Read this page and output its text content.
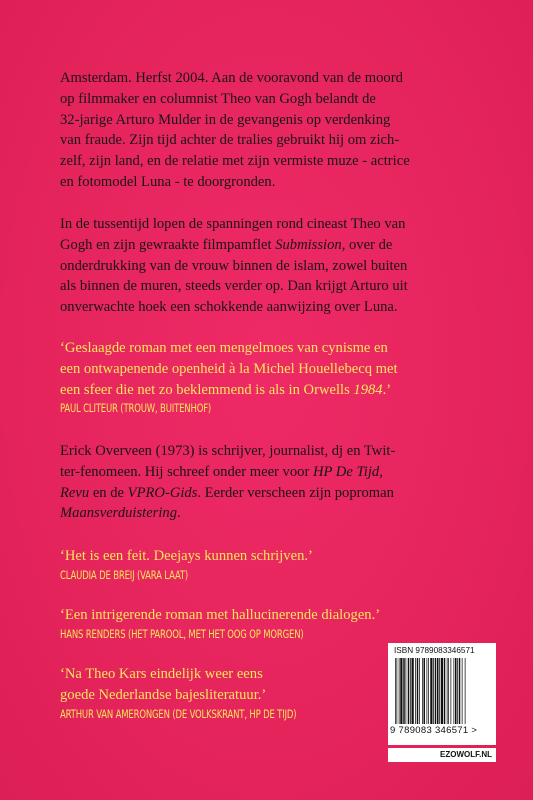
Amsterdam. Herfst 2004. Aan de vooravond van de moord
op filmmaker en columnist Theo van Gogh belandt de
32-jarige Arturo Mulder in de gevangenis op verdenking
van fraude. Zijn tijd achter de tralies gebruikt hij om zich-
zelf, zijn land, en de relatie met zijn vermiste muze - actrice
en fotomodel Luna - te doorgronden.

In de tussentijd lopen de spanningen rond cineast Theo van
Gogh en zijn gewraakte filmpamflet Submission, over de
onderdrukking van de vrouw binnen de islam, zowel buiten
als binnen de muren, steeds verder op. Dan krijgt Arturo uit
onverwachte hoek een schokkende aanwijzing over Luna.

‘Geslaagde roman met een mengelmoes van cynisme en
een ontwapenende openheid à la Michel Houellebecq met
een sfeer die net zo beklemmend is als in Orwells 1984.’
PAUL CLITEUR (TROUW, BUITENHOF)

Erick Overveen (1973) is schrijver, journalist, dj en Twit-
ter-fenomeen. Hij schreef onder meer voor HP De Tijd,
Revu en de VPRO-Gids. Eerder verscheen zijn poproman
Maansverduistering.

‘Het is een feit. Deejays kunnen schrijven.’
CLAUDIA DE BREIJ (VARA LAAT)

‘Een intrigerende roman met hallucinerende dialogen.’
HANS RENDERS (HET PAROOL, MET HET OOG OP MORGEN)

‘Na Theo Kars eindelijk weer eens
goede Nederlandse bajesliteratuur.’
ARTHUR VAN AMERONGEN (DE VOLKSKRANT, HP DE TIJD)

ISBN 9789083346571
9 789083 346571 >
EZOWOLF.NL
